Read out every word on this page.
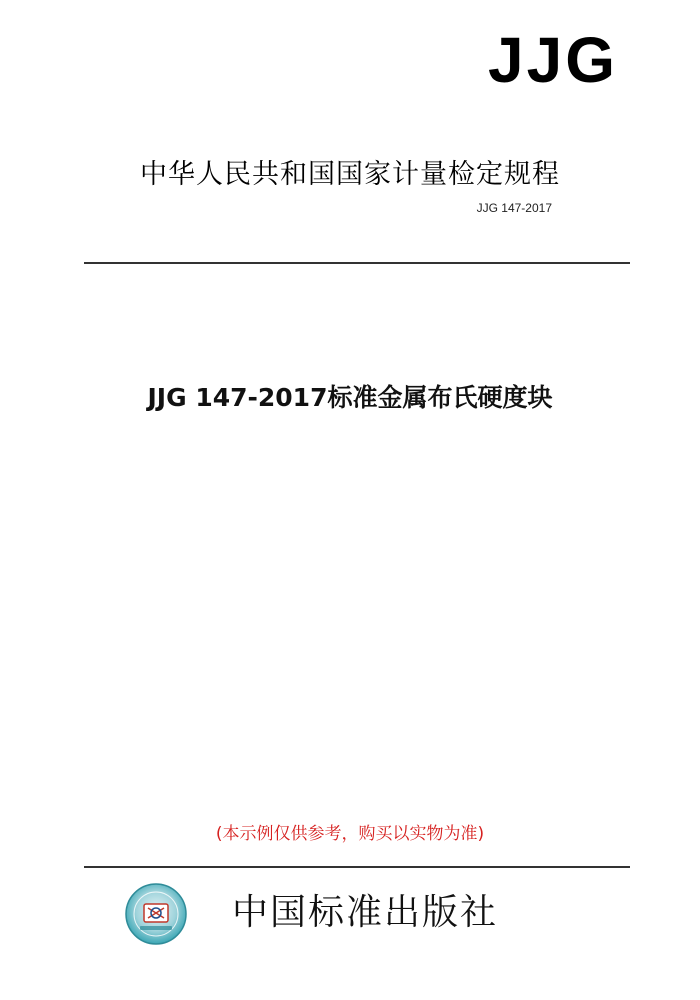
JJG
中华人民共和国国家计量检定规程
JJG 147-2017
JJG 147-2017标准金属布氏硬度块
(本示例仅供参考，购买以实物为准)
中国标准出版社
